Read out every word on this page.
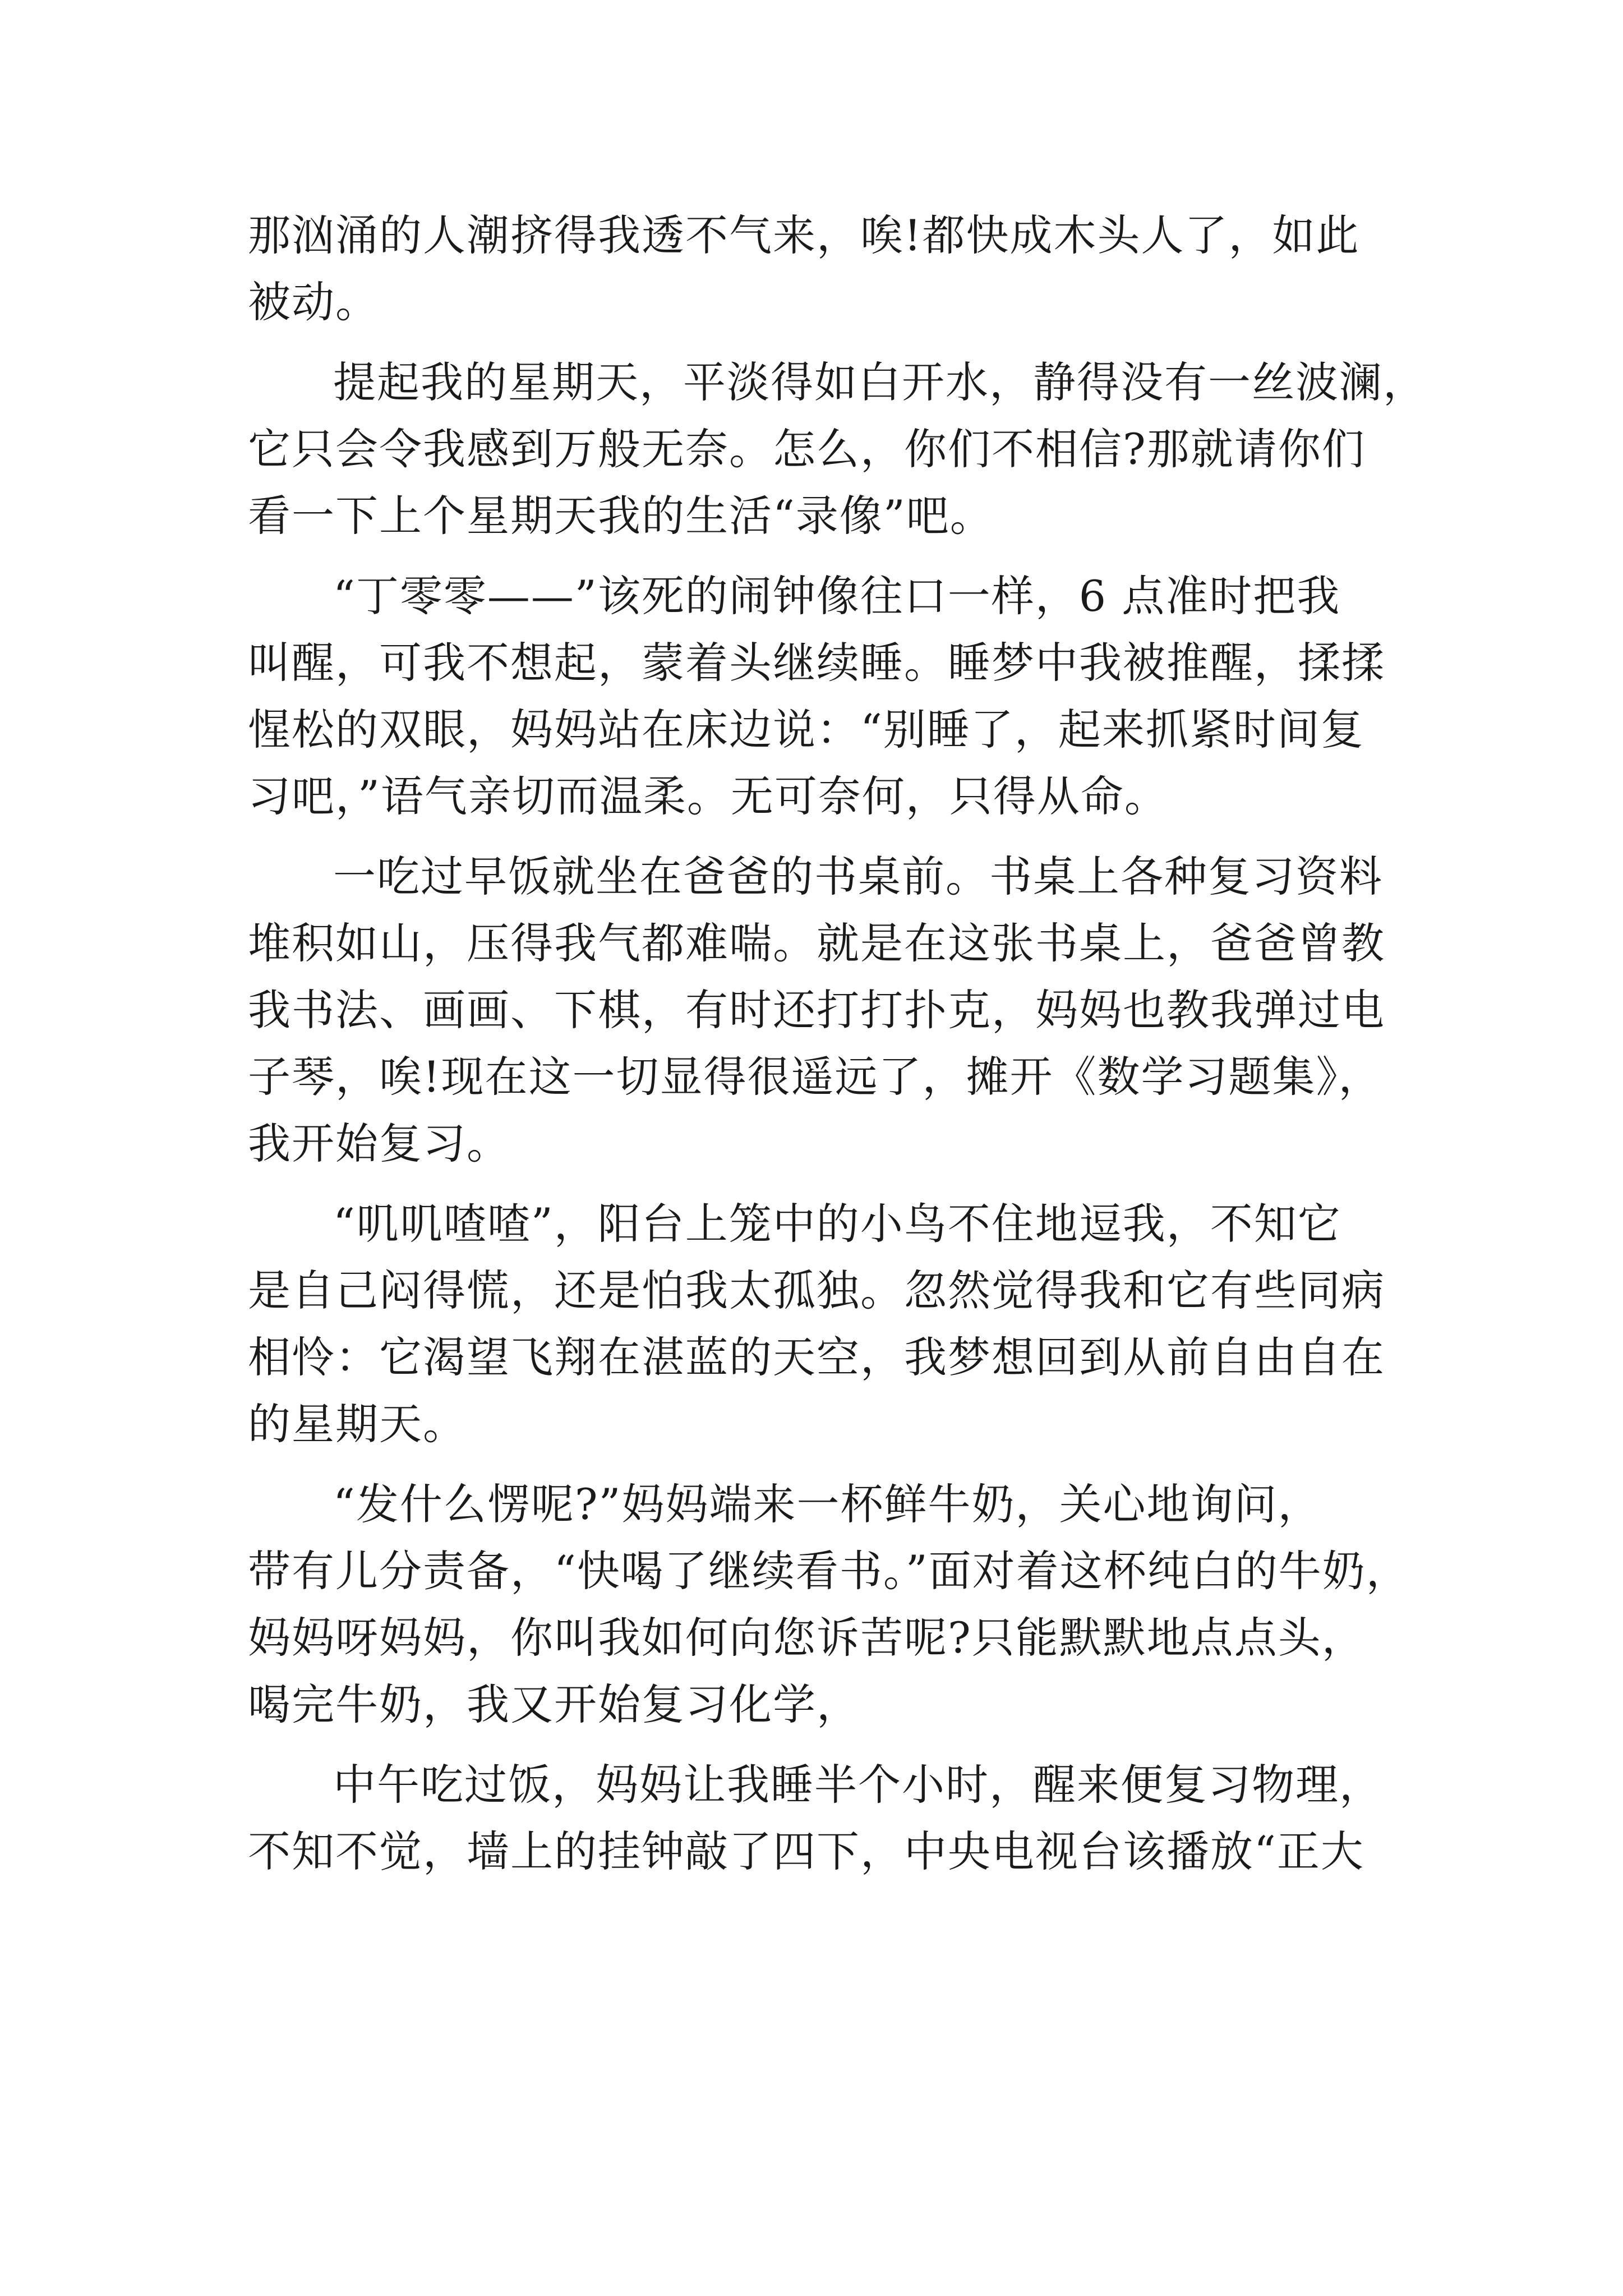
那汹涌的人潮挤得我透不气来，唉!都快成木头人了，如此
被动。
提起我的星期天，平淡得如白开水，静得没有一丝波澜，
它只会令我感到万般无奈。怎么，你们不相信?那就请你们
看一下上个星期天我的生活“录像”吧。
“丁零零——”该死的闹钟像往口一样，6 点准时把我
叫醒，可我不想起，蒙着头继续睡。睡梦中我被推醒，揉揉
惺松的双眼，妈妈站在床边说：“别睡了，起来抓紧时间复
习吧，”语气亲切而温柔。无可奈何，只得从命。
一吃过早饭就坐在爸爸的书桌前。书桌上各种复习资料
堆积如山，压得我气都难喘。就是在这张书桌上，爸爸曾教
我书法、画画、下棋，有时还打打扑克，妈妈也教我弹过电
子琴，唉!现在这一切显得很遥远了，摊开《数学习题集》，
我开始复习。
“叽叽喳喳”，阳台上笼中的小鸟不住地逗我，不知它
是自己闷得慌，还是怕我太孤独。忽然觉得我和它有些同病
相怜：它渴望飞翔在湛蓝的天空，我梦想回到从前自由自在
的星期天。
“发什么愣呢?”妈妈端来一杯鲜牛奶，关心地询问，
带有儿分责备，“快喝了继续看书。”面对着这杯纯白的牛奶，
妈妈呀妈妈，你叫我如何向您诉苦呢?只能默默地点点头，
喝完牛奶，我又开始复习化学，
中午吃过饭，妈妈让我睡半个小时，醒来便复习物理，
不知不觉，墙上的挂钟敲了四下，中央电视台该播放“正大
